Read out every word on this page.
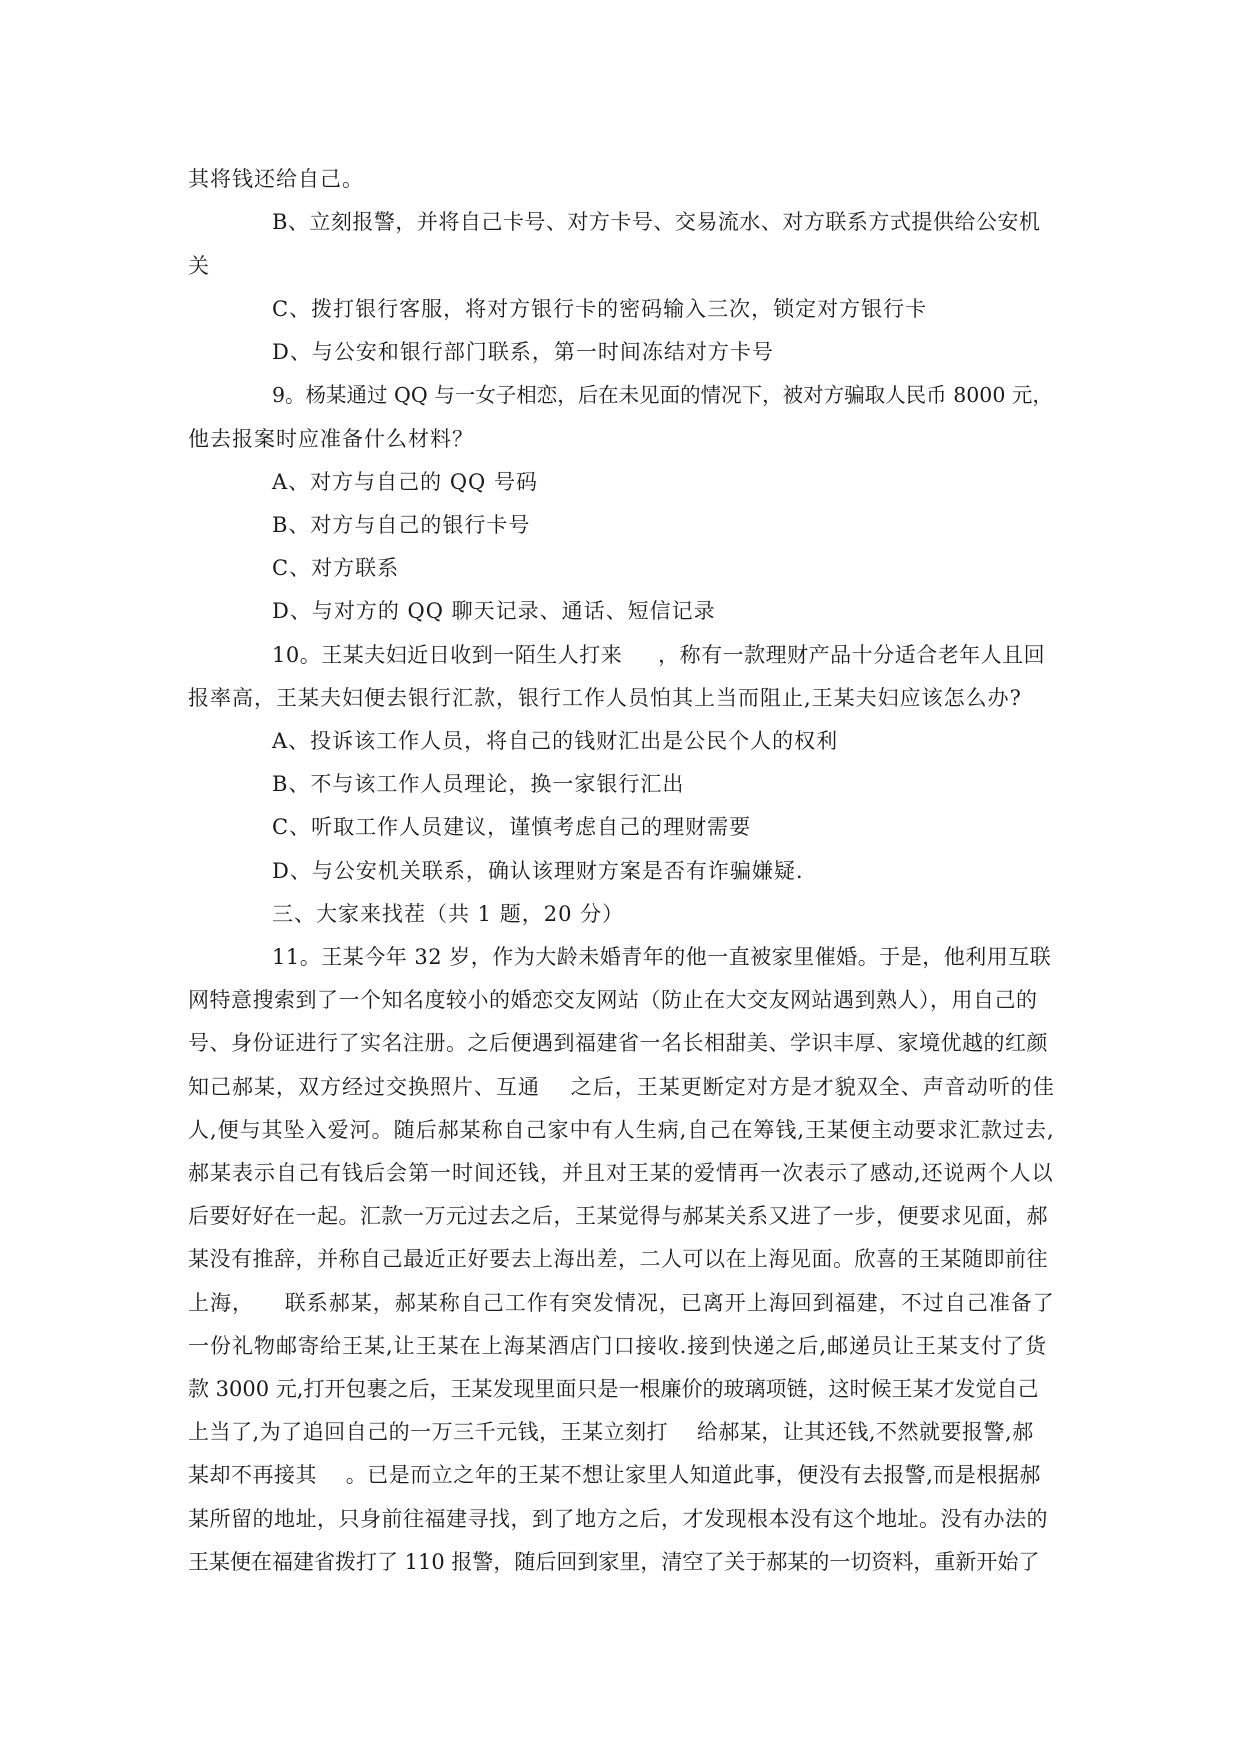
其将钱还给自己。
B、立刻报警，并将自己卡号、对方卡号、交易流水、对方联系方式提供给公安机
关
C、拨打银行客服，将对方银行卡的密码输入三次，锁定对方银行卡
D、与公安和银行部门联系，第一时间冻结对方卡号
9。杨某通过 QQ 与一女子相恋，后在未见面的情况下，被对方骗取人民币 8000 元，
他去报案时应准备什么材料？
A、对方与自己的 QQ 号码
B、对方与自己的银行卡号
C、对方联系
D、与对方的 QQ 聊天记录、通话、短信记录
10。王某夫妇近日收到一陌生人打来     ，称有一款理财产品十分适合老年人且回
报率高，王某夫妇便去银行汇款，银行工作人员怕其上当而阻止,王某夫妇应该怎么办?
A、投诉该工作人员，将自己的钱财汇出是公民个人的权利
B、不与该工作人员理论，换一家银行汇出
C、听取工作人员建议，谨慎考虑自己的理财需要
D、与公安机关联系，确认该理财方案是否有诈骗嫌疑.
三、大家来找茬（共 1 题，20 分）
11。王某今年 32 岁，作为大龄未婚青年的他一直被家里催婚。于是，他利用互联
网特意搜索到了一个知名度较小的婚恋交友网站（防止在大交友网站遇到熟人），用自己的
号、身份证进行了实名注册。之后便遇到福建省一名长相甜美、学识丰厚、家境优越的红颜
知己郝某，双方经过交换照片、互通    之后，王某更断定对方是才貌双全、声音动听的佳
人,便与其坠入爱河。随后郝某称自己家中有人生病,自己在筹钱,王某便主动要求汇款过去,
郝某表示自己有钱后会第一时间还钱，并且对王某的爱情再一次表示了感动,还说两个人以
后要好好在一起。汇款一万元过去之后，王某觉得与郝某关系又进了一步，便要求见面，郝
某没有推辞，并称自己最近正好要去上海出差，二人可以在上海见面。欣喜的王某随即前往
上海，    联系郝某，郝某称自己工作有突发情况，已离开上海回到福建，不过自己准备了
一份礼物邮寄给王某,让王某在上海某酒店门口接收.接到快递之后,邮递员让王某支付了货
款 3000 元,打开包裹之后，王某发现里面只是一根廉价的玻璃项链，这时候王某才发觉自己
上当了,为了追回自己的一万三千元钱，王某立刻打    给郝某，让其还钱,不然就要报警,郝
某却不再接其    。已是而立之年的王某不想让家里人知道此事，便没有去报警,而是根据郝
某所留的地址，只身前往福建寻找，到了地方之后，才发现根本没有这个地址。没有办法的
王某便在福建省拨打了 110 报警，随后回到家里，清空了关于郝某的一切资料，重新开始了
